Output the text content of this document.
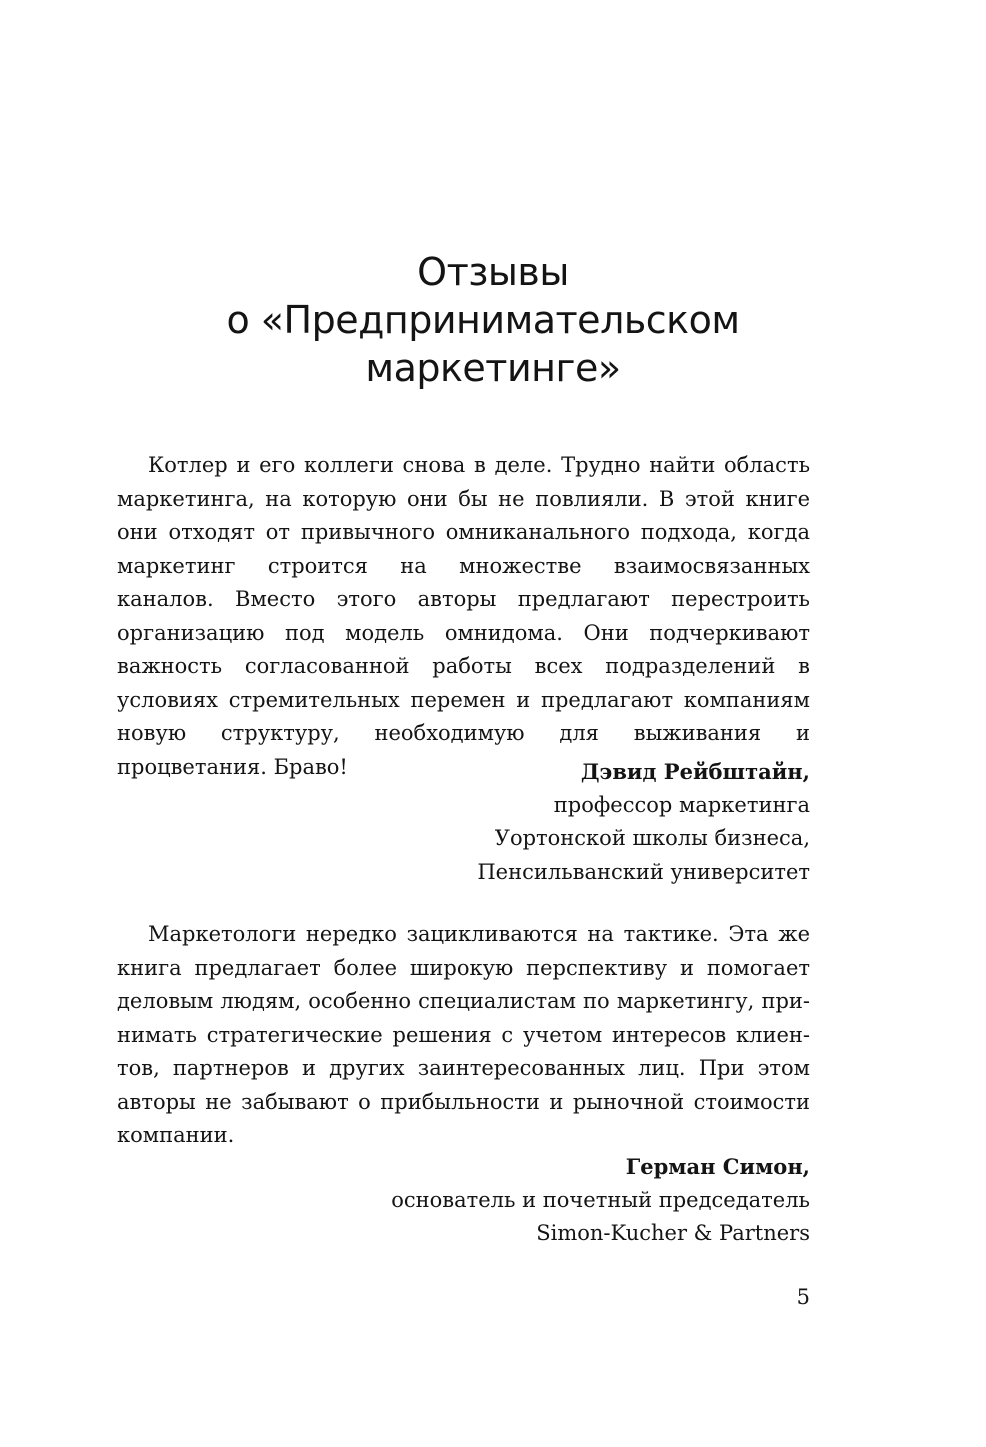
Отзывы
о «Предпринимательском
маркетинге»

Котлер и его коллеги снова в деле. Трудно найти область маркетинга, на которую они бы не повлияли. В этой книге они отходят от привычного омниканального подхода, когда маркетинг строится на множестве взаимосвязанных каналов. Вместо этого авторы предлагают перестроить организацию под модель омнидома. Они подчеркивают важность согласованной работы всех подразделений в условиях стремительных перемен и предлагают компаниям новую структуру, необходимую для выживания и процветания. Браво!	Дэвид Рейбштайн,
профессор маркетинга
Уортонской школы бизнеса,
Пенсильванский университет

Маркетологи нередко зацикливаются на тактике. Эта же книга предлагает более широкую перспективу и помогает деловым людям, особенно специалистам по маркетингу, принимать стратегические решения с учетом интересов клиентов, партнеров и других заинтересованных лиц. При этом авторы не забывают о прибыльности и рыночной стоимости компании.

Герман Симон,
основатель и почетный председатель
Simon-Kucher & Partners
5
